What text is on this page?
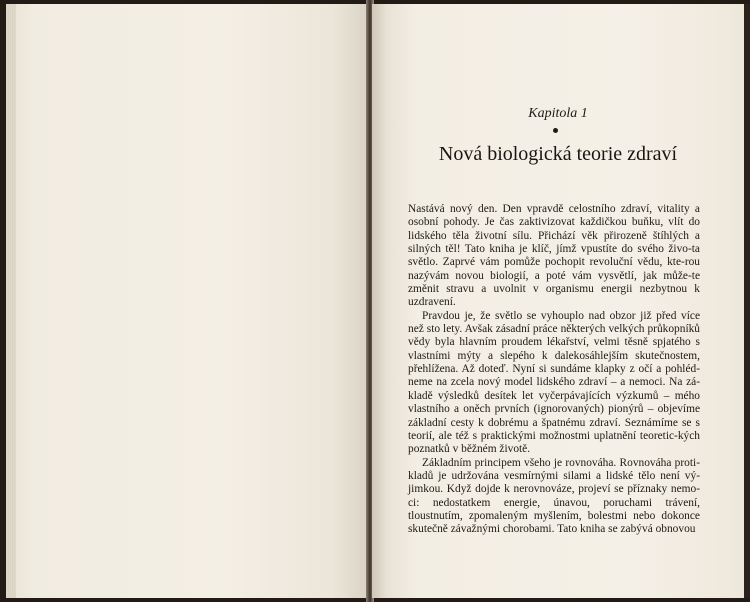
Kapitola 1
Nová biologická teorie zdraví

Nastává nový den. Den vpravdě celostního zdraví, vitality a osobní pohody. Je čas zaktivizovat každičkou buňku, vlít do lidského těla životní sílu. Přichází věk přirozeně štíhlých a silných těl! Tato kniha je klíč, jímž vpustíte do svého živo-ta světlo. Zaprvé vám pomůže pochopit revoluční vědu, kte-rou nazývám novou biologií, a poté vám vysvětlí, jak může-te změnit stravu a uvolnit v organismu energii nezbytnou k uzdravení.

Pravdou je, že světlo se vyhouplo nad obzor již před více než sto lety. Avšak zásadní práce některých velkých průkopníků vědy byla hlavním proudem lékařství, velmi těsně spjatého s vlastními mýty a slepého k dalekosáhlejším skutečnostem, přehlížena. Až doteď. Nyní si sundáme klapky z očí a pohléd-neme na zcela nový model lidského zdraví – a nemoci. Na zá-kladě výsledků desítek let vyčerpávajících výzkumů – mého vlastního a oněch prvních (ignorovaných) pionýrů – objevíme základní cesty k dobrému a špatnému zdraví. Seznámíme se s teorií, ale též s praktickými možnostmi uplatnění teoretic-kých poznatků v běžném životě.

Základním principem všeho je rovnováha. Rovnováha proti-kladů je udržována vesmírnými silami a lidské tělo není vý-jimkou. Když dojde k nerovnováze, projeví se příznaky nemo-ci: nedostatkem energie, únavou, poruchami trávení, tloustnutím, zpomaleným myšlením, bolestmi nebo dokonce skutečně závažnými chorobami. Tato kniha se zabývá obnovou
